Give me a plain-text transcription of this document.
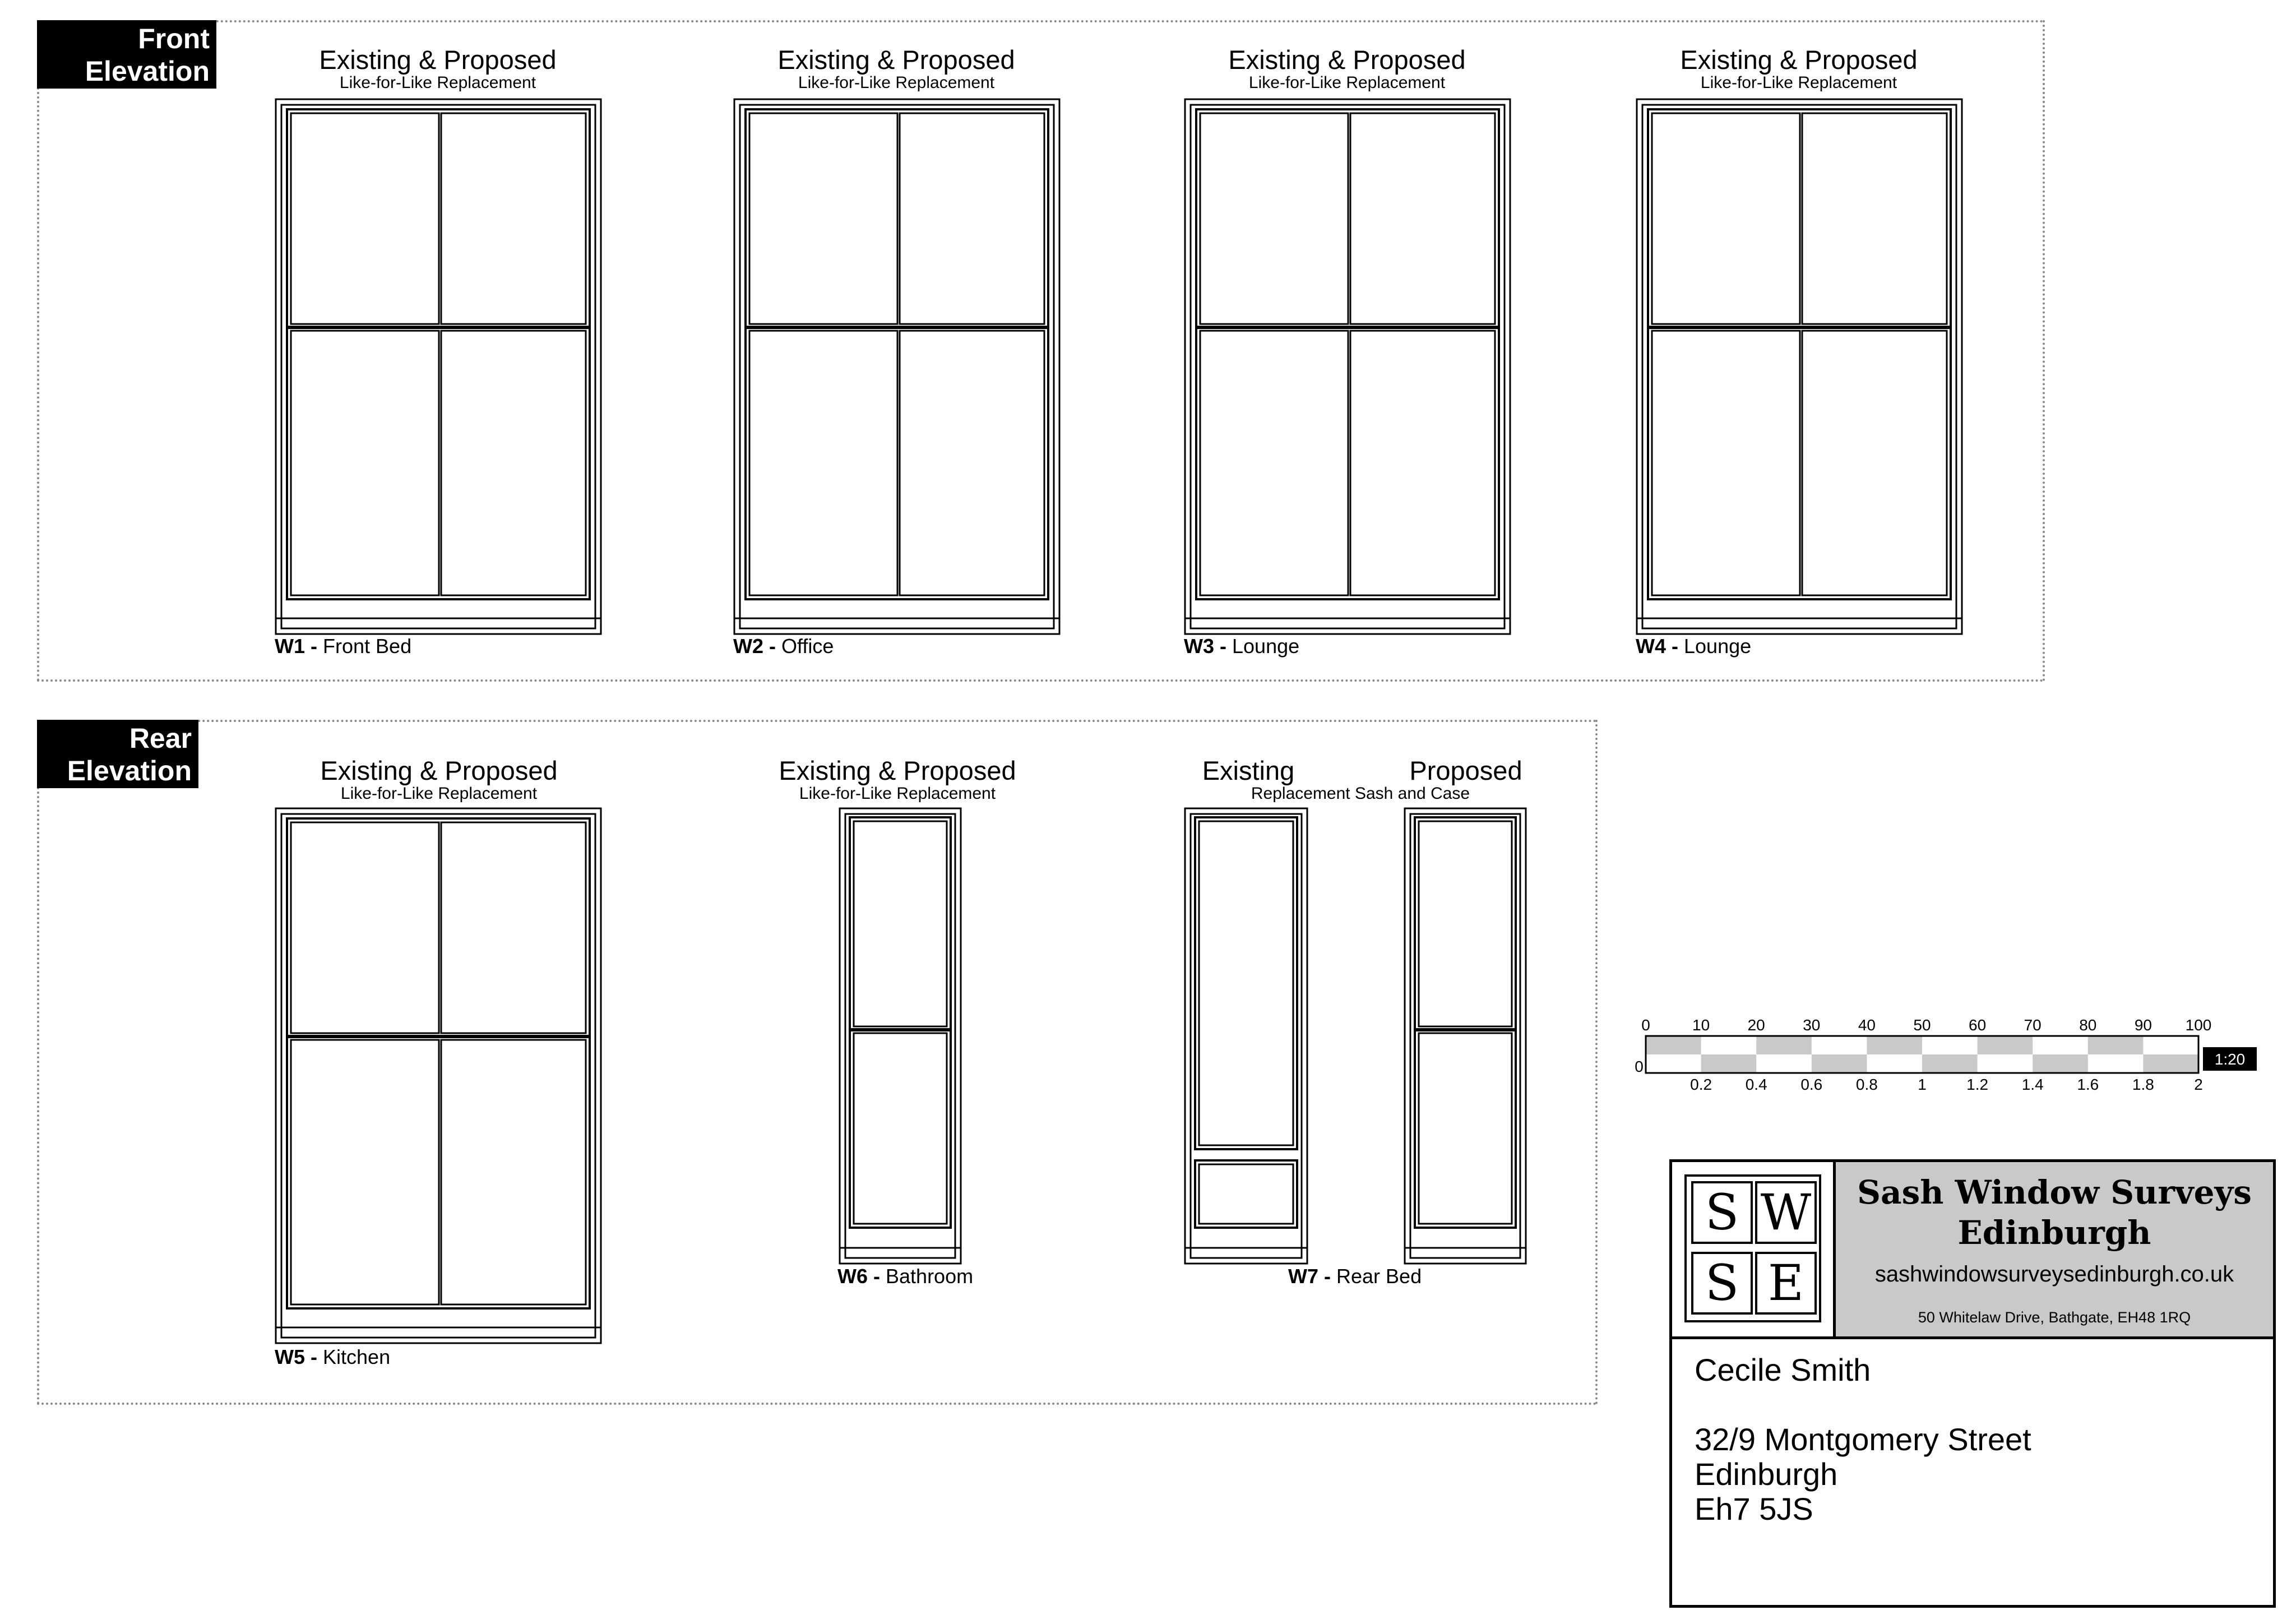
Front
Elevation	Existing & Proposed
Like-for-Like Replacement
W1 - Front Bed
Existing & Proposed
Like-for-Like Replacement
W2 - Office
Existing & Proposed
Like-for-Like Replacement
W3 - Lounge
Existing & Proposed
Like-for-Like Replacement
W4 - Lounge
Rear
Elevation	Existing & Proposed
Like-for-Like Replacement
W5 - Kitchen
Existing & Proposed
Like-for-Like Replacement
W6 - Bathroom
Existing	Proposed
Replacement Sash and Case
W7 - Rear Bed
0	10 20 30 40 50 60 70 80 90 100
0
0.2 0.4 0.6 0.8	1	1.2 1.4 1.6 1.8	2
1:20
S W
S E
Sash Window Surveys
Edinburgh
sashwindowsurveysedinburgh.co.uk
50 Whitelaw Drive, Bathgate, EH48 1RQ
Cecile Smith
32/9 Montgomery Street
Edinburgh
Eh7 5JS
